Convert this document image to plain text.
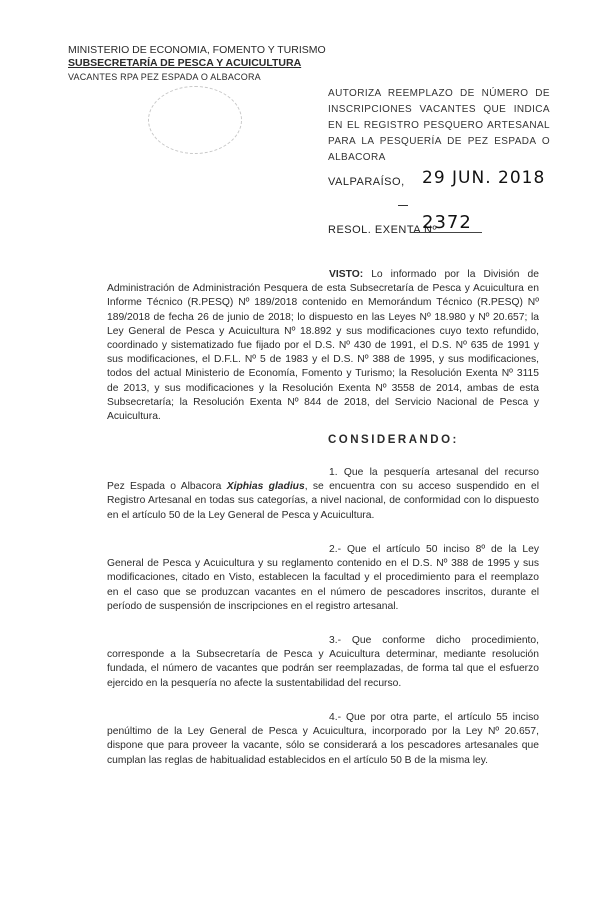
MINISTERIO DE ECONOMIA, FOMENTO Y TURISMO
SUBSECRETARÍA DE PESCA Y ACUICULTURA
VACANTES RPA PEZ ESPADA O ALBACORA
AUTORIZA REEMPLAZO DE NÚMERO DE INSCRIPCIONES VACANTES QUE INDICA EN EL REGISTRO PESQUERO ARTESANAL PARA LA PESQUERÍA DE PEZ ESPADA O ALBACORA
VALPARAÍSO, 29 JUN. 2018
RESOL. EXENTA Nº
2372
VISTO: Lo informado por la División de Administración de Administración Pesquera de esta Subsecretaría de Pesca y Acuicultura en Informe Técnico (R.PESQ) Nº 189/2018 contenido en Memorándum Técnico (R.PESQ) Nº 189/2018 de fecha 26 de junio de 2018; lo dispuesto en las Leyes Nº 18.980 y Nº 20.657; la Ley General de Pesca y Acuicultura Nº 18.892 y sus modificaciones cuyo texto refundido, coordinado y sistematizado fue fijado por el D.S. Nº 430 de 1991, el D.S. Nº 635 de 1991 y sus modificaciones, el D.F.L. Nº 5 de 1983 y el D.S. Nº 388 de 1995, y sus modificaciones, todos del actual Ministerio de Economía, Fomento y Turismo; la Resolución Exenta Nº 3115 de 2013, y sus modificaciones y la Resolución Exenta Nº 3558 de 2014, ambas de esta Subsecretaría; la Resolución Exenta Nº 844 de 2018, del Servicio Nacional de Pesca y Acuicultura.
CONSIDERANDO:
1. Que la pesquería artesanal del recurso Pez Espada o Albacora Xiphias gladius, se encuentra con su acceso suspendido en el Registro Artesanal en todas sus categorías, a nivel nacional, de conformidad con lo dispuesto en el artículo 50 de la Ley General de Pesca y Acuicultura.
2.- Que el artículo 50 inciso 8º de la Ley General de Pesca y Acuicultura y su reglamento contenido en el D.S. Nº 388 de 1995 y sus modificaciones, citado en Visto, establecen la facultad y el procedimiento para el reemplazo en el caso que se produzcan vacantes en el número de pescadores inscritos, durante el período de suspensión de inscripciones en el registro artesanal.
3.- Que conforme dicho procedimiento, corresponde a la Subsecretaría de Pesca y Acuicultura determinar, mediante resolución fundada, el número de vacantes que podrán ser reemplazadas, de forma tal que el esfuerzo ejercido en la pesquería no afecte la sustentabilidad del recurso.
4.- Que por otra parte, el artículo 55 inciso penúltimo de la Ley General de Pesca y Acuicultura, incorporado por la Ley Nº 20.657, dispone que para proveer la vacante, sólo se considerará a los pescadores artesanales que cumplan las reglas de habitualidad establecidos en el artículo 50 B de la misma ley.
